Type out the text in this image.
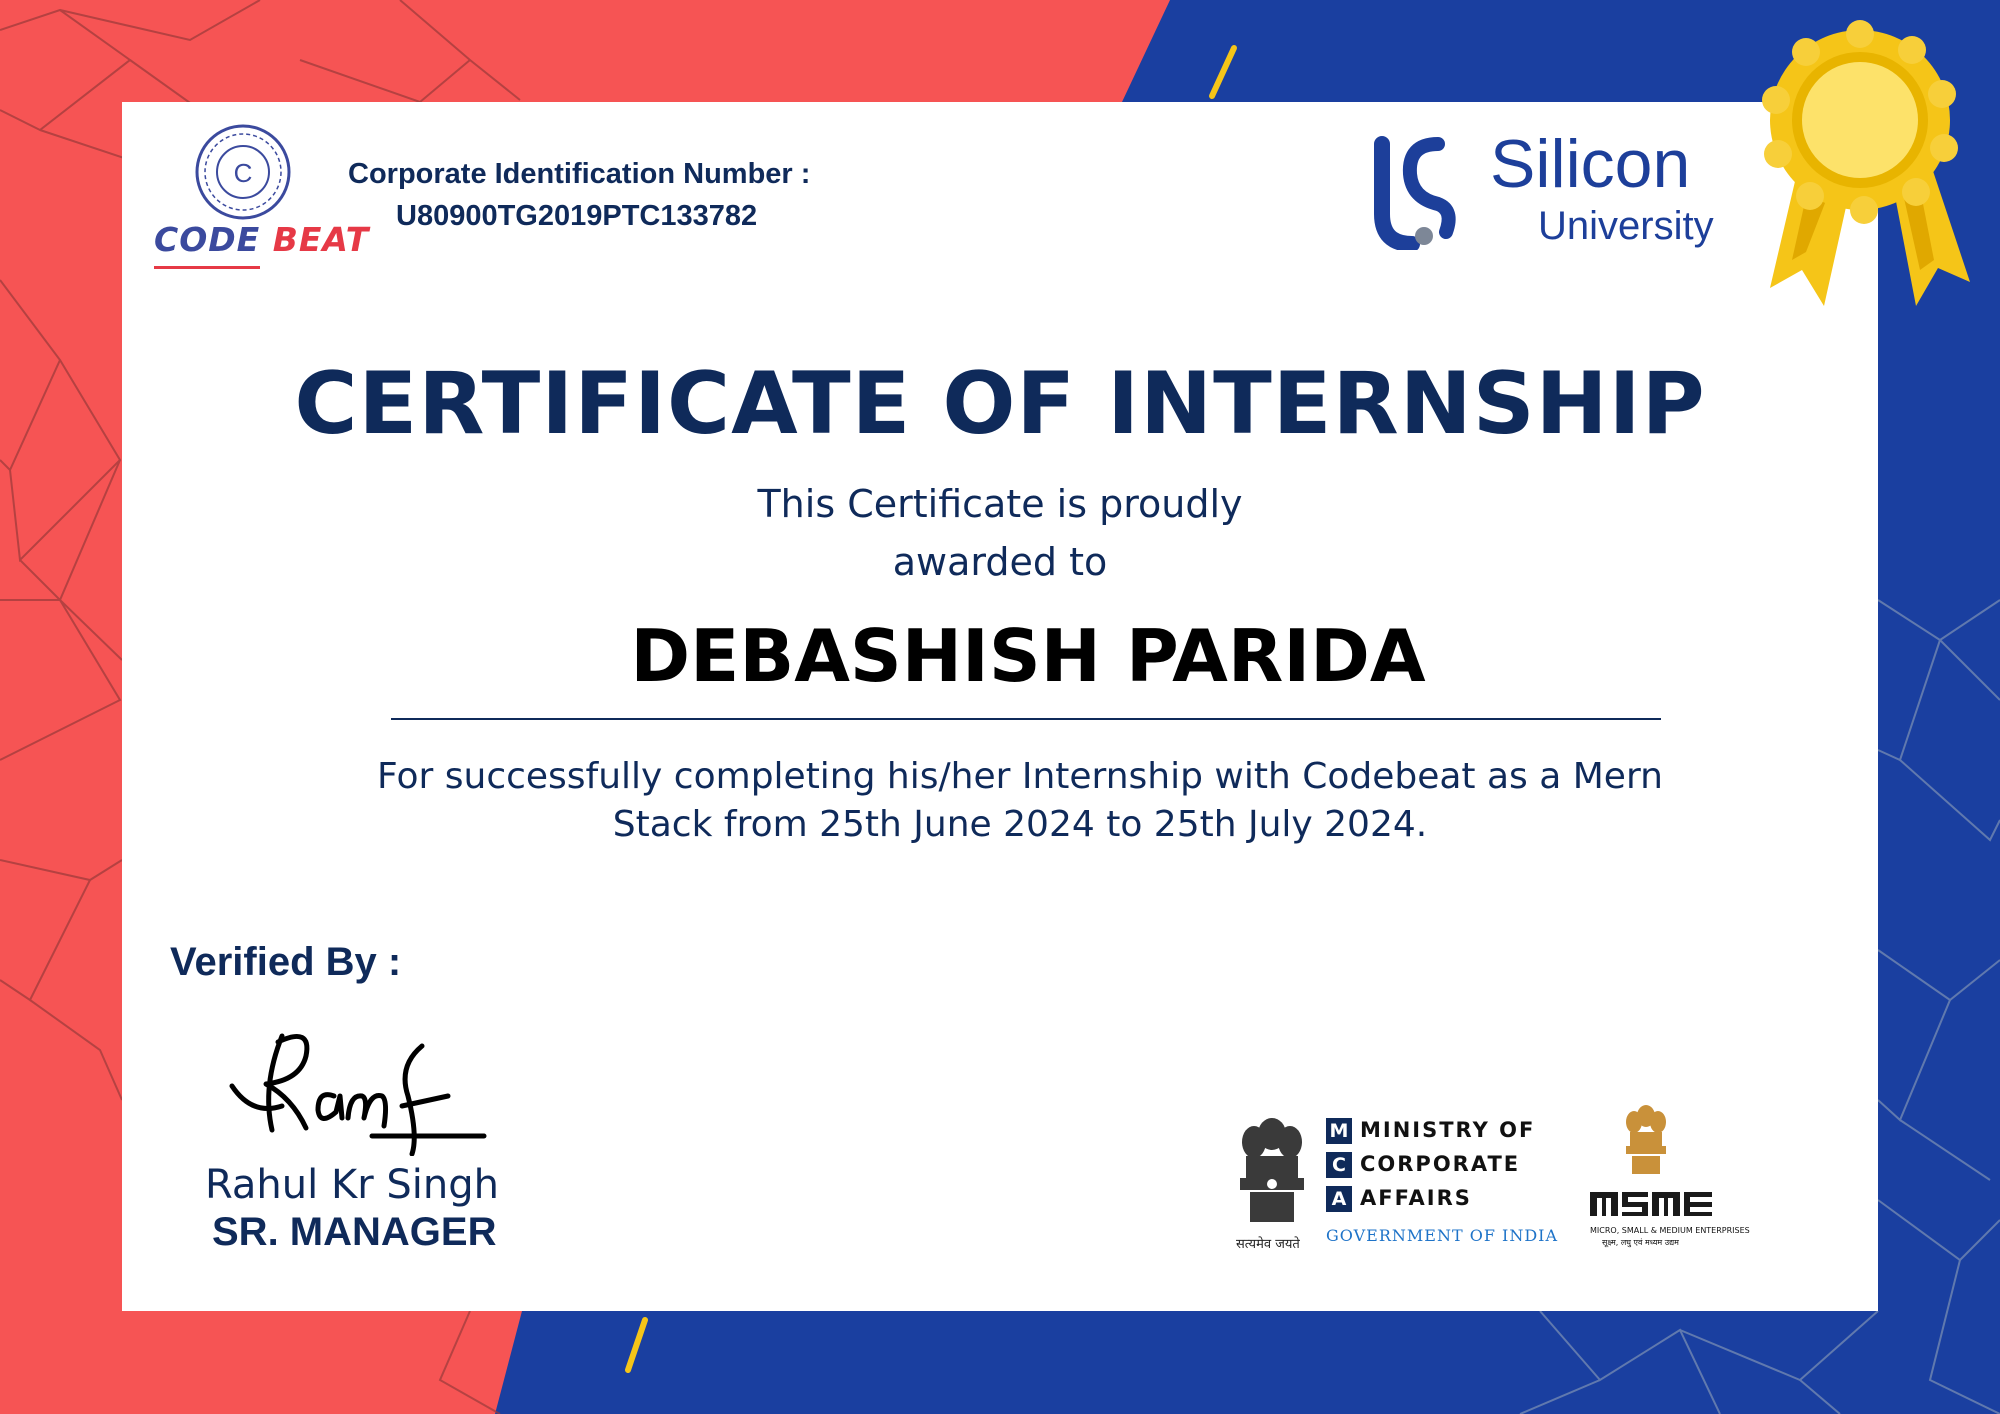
C
CODE BEAT
Corporate Identification Number :
U80900TG2019PTC133782
Silicon
University
CERTIFICATE OF INTERNSHIP
This Certificate is proudly
awarded to
DEBASHISH PARIDA
For successfully completing his/her Internship with Codebeat as a Mern
Stack from 25th June 2024 to 25th July 2024.
Verified By :
Rahul Kr Singh
SR. MANAGER	सत्यमेव जयते
M MINISTRY OF
C CORPORATE
A AFFAIRS
GOVERNMENT OF INDIA	MICRO, SMALL & MEDIUM ENTERPRISES
सूक्ष्म, लघु एवं मध्यम उद्यम
